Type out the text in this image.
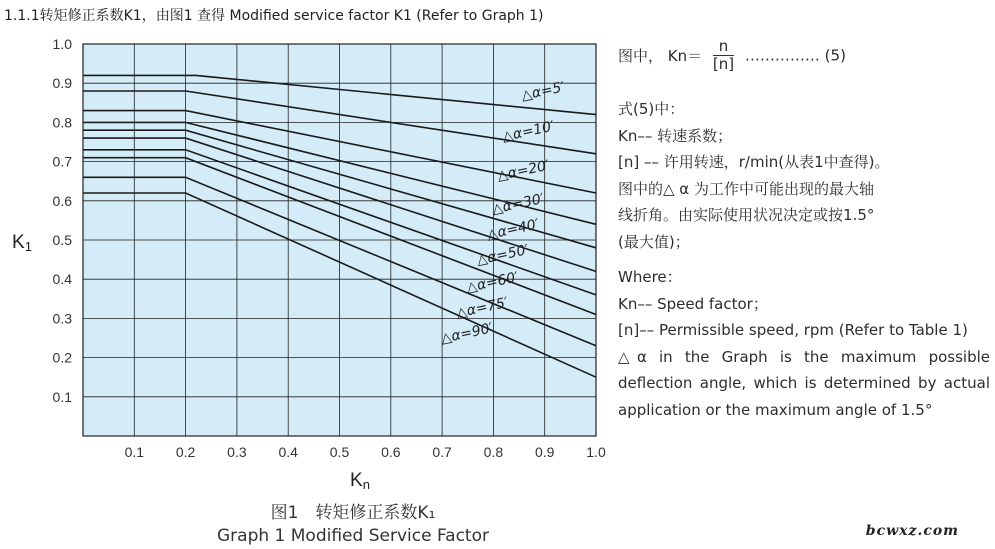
1.1.1转矩修正系数K1，由图1 查得 Modified service factor K1 (Refer to Graph 1)
△α=5′
△α=10′
△α=20′
△α=30′
△α=40′
△α=50′
△α=60′
△α=75′
△α=90′
0.1 0.2 0.3 0.4 0.5 0.6 0.7 0.8 0.9 1.0
0.1
0.2
0.3
0.4
0.5
0.6
0.7
0.8
0.9
1.0
K1
Kn
图1　转矩修正系数K₁
Graph 1 Modified Service Factor
图中， $Kn= \frac{n}{[n]}$ …………… (5)
式(5)中：
Kn–– 转速系数；
[n] –– 许用转速，r/min(从表1中查得)。
图中的△ α 为工作中可能出现的最大轴
线折角。由实际使用状况决定或按1.5°
(最大值)；
Where：
Kn–– Speed factor；
[n]–– Permissible speed, rpm (Refer to Table 1)
△α in the Graph is the maximum possible
deflection angle, which is determined by actual
application or the maximum angle of 1.5°
bcwxz.com
